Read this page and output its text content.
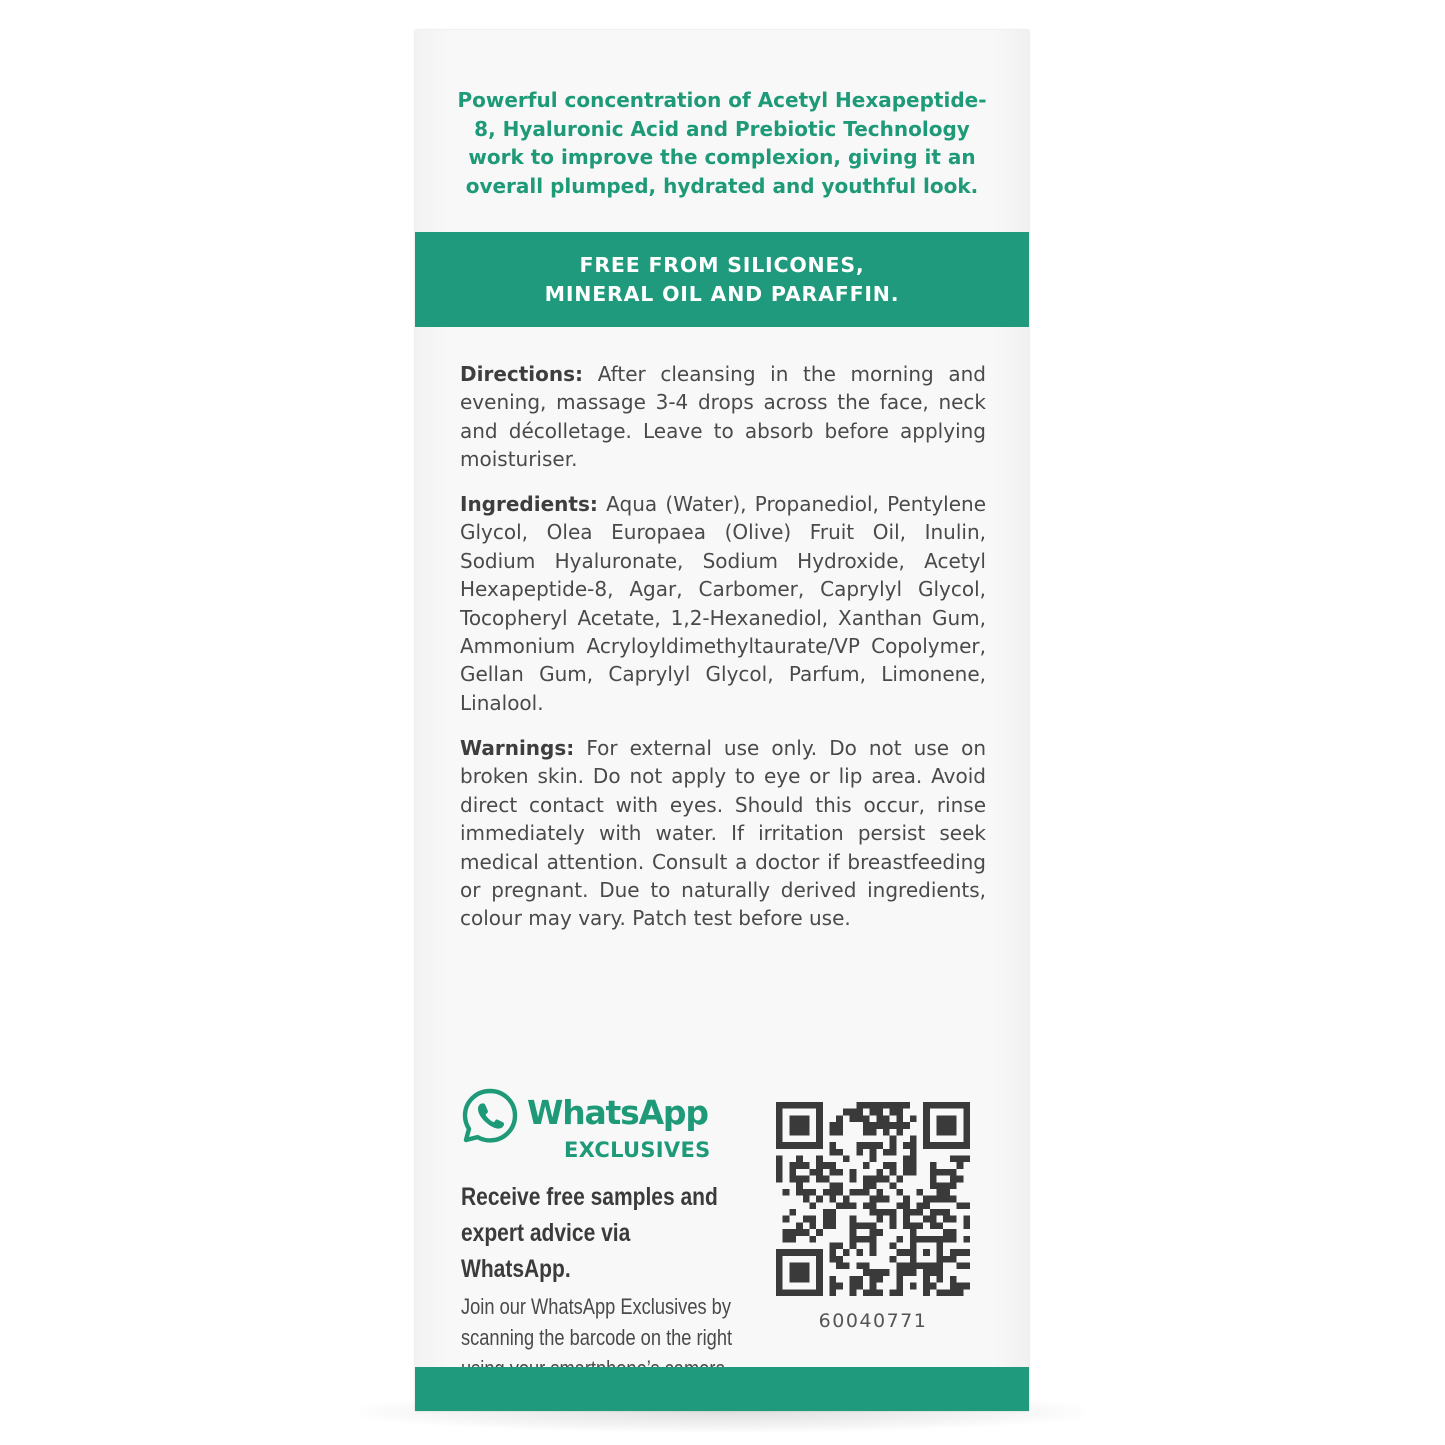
Powerful concentration of Acetyl Hexapeptide-8, Hyaluronic Acid and Prebiotic Technology work to improve the complexion, giving it an overall plumped, hydrated and youthful look.
FREE FROM SILICONES,
MINERAL OIL AND PARAFFIN.
Directions: After cleansing in the morning and evening, massage 3-4 drops across the face, neck and décolletage. Leave to absorb before applying moisturiser.
Ingredients: Aqua (Water), Propanediol, Pentylene Glycol, Olea Europaea (Olive) Fruit Oil, Inulin, Sodium Hyaluronate, Sodium Hydroxide, Acetyl Hexapeptide-8, Agar, Carbomer, Caprylyl Glycol, Tocopheryl Acetate, 1,2-Hexanediol, Xanthan Gum, Ammonium Acryloyldimethyltaurate/VP Copolymer, Gellan Gum, Caprylyl Glycol, Parfum, Limonene, Linalool.
Warnings: For external use only. Do not use on broken skin. Do not apply to eye or lip area. Avoid direct contact with eyes. Should this occur, rinse immediately with water. If irritation persist seek medical attention. Consult a doctor if breastfeeding or pregnant. Due to naturally derived ingredients, colour may vary. Patch test before use.
WhatsApp
EXCLUSIVES
Receive free samples and
expert advice via WhatsApp.
Join our WhatsApp Exclusives by
scanning the barcode on the right

60040771
